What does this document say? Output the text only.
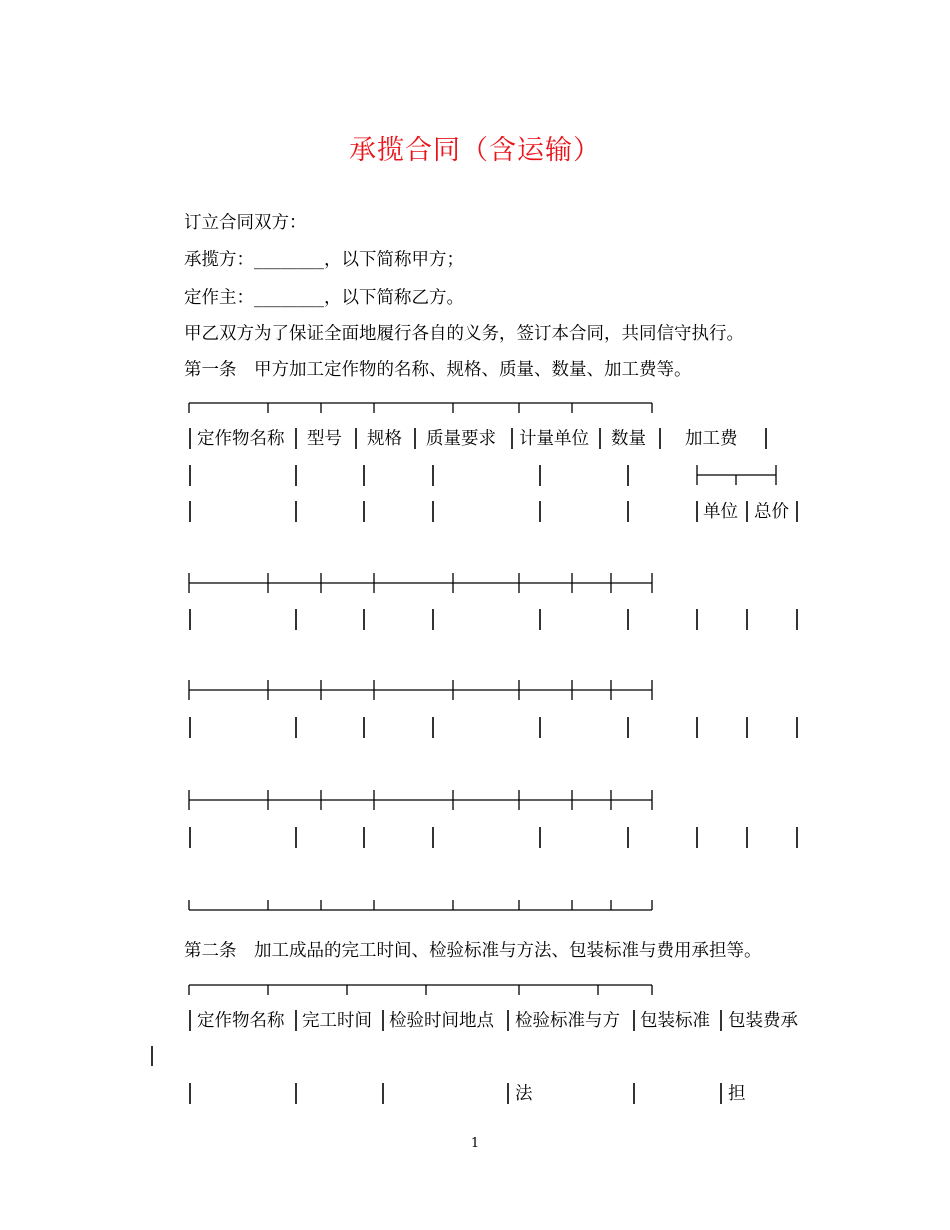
承揽合同（含运输）
订立合同双方：
承揽方：________，以下简称甲方；
定作主：________，以下简称乙方。
甲乙双方为了保证全面地履行各自的义务，签订本合同，共同信守执行。
第一条　甲方加工定作物的名称、规格、质量、数量、加工费等。
第二条　加工成品的完工时间、检验标准与方法、包装标准与费用承担等。
定作物名称 型号 规格 质量要求 计量单位 数量 加工费
单位 总价
定作物名称 完工时间 检验时间地点 检验标准与方 包装标准 包装费承
法	担
1
